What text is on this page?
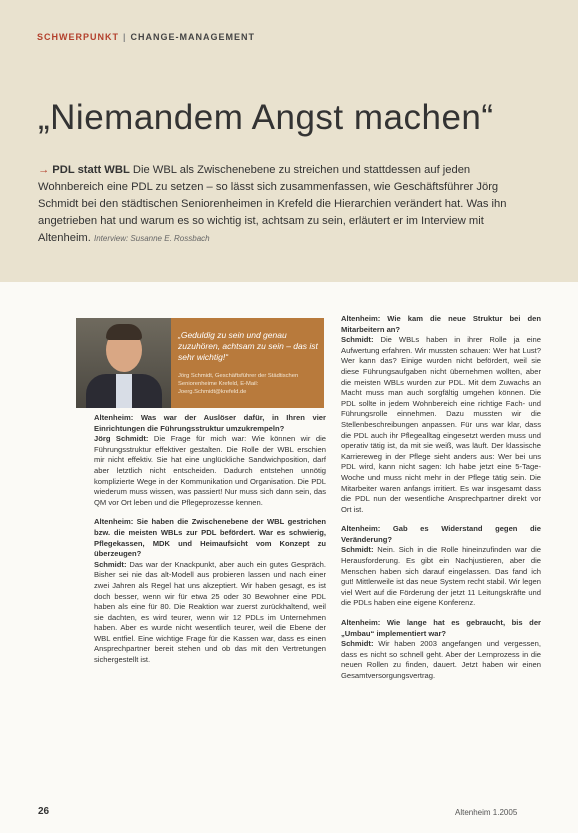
SCHWERPUNKT | CHANGE-MANAGEMENT
„Niemandem Angst machen“
→ PDL statt WBL Die WBL als Zwischenebene zu streichen und stattdessen auf jeden Wohnbereich eine PDL zu setzen – so lässt sich zusammenfassen, wie Geschäftsführer Jörg Schmidt bei den städtischen Seniorenheimen in Krefeld die Hierarchien verändert hat. Was ihn angetrieben hat und warum es so wichtig ist, achtsam zu sein, erläutert er im Interview mit Altenheim. Interview: Susanne E. Rossbach
„Geduldig zu sein und genau zuzuhören, achtsam zu sein – das ist sehr wichtig!“
Jörg Schmidt, Geschäftsführer der Städtischen Seniorenheime Krefeld, E-Mail: Joerg.Schmidt@krefeld.de

Altenheim: Was war der Auslöser dafür, in Ihren vier Einrichtungen die Führungsstruktur umzukrempeln?
Jörg Schmidt: Die Frage für mich war: Wie können wir die Führungsstruktur effektiver gestalten. Die Rolle der WBL erschien mir nicht effektiv. Sie hat eine unglückliche Sandwichposition, darf aber letztlich nicht entscheiden. Dadurch entstehen unnötig komplizierte Wege in der Kommunikation und Organisation. Die PDL wiederum muss wissen, was passiert! Nur muss sich dann sein, das QM vor Ort leben und die Pflegeprozesse kennen.

Altenheim: Sie haben die Zwischenebene der WBL gestrichen bzw. die meisten WBLs zur PDL befördert. War es schwierig, Pflegekassen, MDK und Heimaufsicht vom Konzept zu überzeugen?
Schmidt: Das war der Knackpunkt, aber auch ein gutes Gespräch. Bisher sei nie das alt-Modell aus probieren lassen und nach einer zwei Jahren als Regel hat uns akzeptiert. Wir haben gesagt, es ist doch besser, wenn wir für etwa 25 oder 30 Bewohner eine PDL haben als eine für 80. Die Reaktion war zuerst zurückhaltend, weil sie dachten, es wird teurer, wenn wir 12 PDLs im Unternehmen haben. Aber es wurde nicht wesentlich teurer, weil die Ebene der WBL entfiel. Eine wichtige Frage für die Kassen war, dass es einen Ansprechpartner bereit stehen und ob das mit den Vertretungen sichergestellt ist.

Altenheim: Wie kam die neue Struktur bei den Mitarbeitern an?
Schmidt: Die WBLs haben in ihrer Rolle ja eine Aufwertung erfahren. Wir mussten schauen: Wer hat Lust? Wer kann das? Einige wurden nicht befördert, weil sie diese Führungsaufgaben nicht übernehmen wollten, aber die meisten WBLs wurden zur PDL. Mit dem Zuwachs an Macht muss man auch sorgfältig umgehen können. Die PDL sollte in jedem Wohnbereich eine richtige Fach- und Führungsrolle einnehmen. Dazu mussten wir die Stellenbeschreibungen anpassen. Für uns war klar, dass die PDL auch ihr Pflegealltag eingesetzt werden muss und operativ tätig ist, da mit sie weiß, was läuft. Der klassische Karriereweg in der Pflege sieht anders aus: Wer bei uns PDL wird, kann nicht sagen: Ich habe jetzt eine 5-Tage-Woche und muss nicht mehr in der Pflege tätig sein. Die Mitarbeiter waren anfangs irritiert. Es war insgesamt dass die PDL nun der wesentliche Ansprechpartner direkt vor Ort ist.

Altenheim: Gab es Widerstand gegen die Veränderung?
Schmidt: Nein. Sich in die Rolle hineinzufinden war die Herausforderung. Es gibt ein Nachjustieren, aber die Menschen haben sich darauf eingelassen. Das fand ich gut! Mittlerweile ist das neue System recht stabil. Wir legen viel Wert auf die Förderung der jetzt 11 Leitungskräfte und die PDLs haben eine eigene Konferenz.

Altenheim: Wie lange hat es gebraucht, bis der „Umbau“ implementiert war?
Schmidt: Wir haben 2003 angefangen und vergessen, dass es nicht so schnell geht. Aber der Lernprozess in die neuen Rollen zu finden, dauert. Jetzt haben wir einen Gesamtversorgungsvertrag.

26	Altenheim 1.2005
